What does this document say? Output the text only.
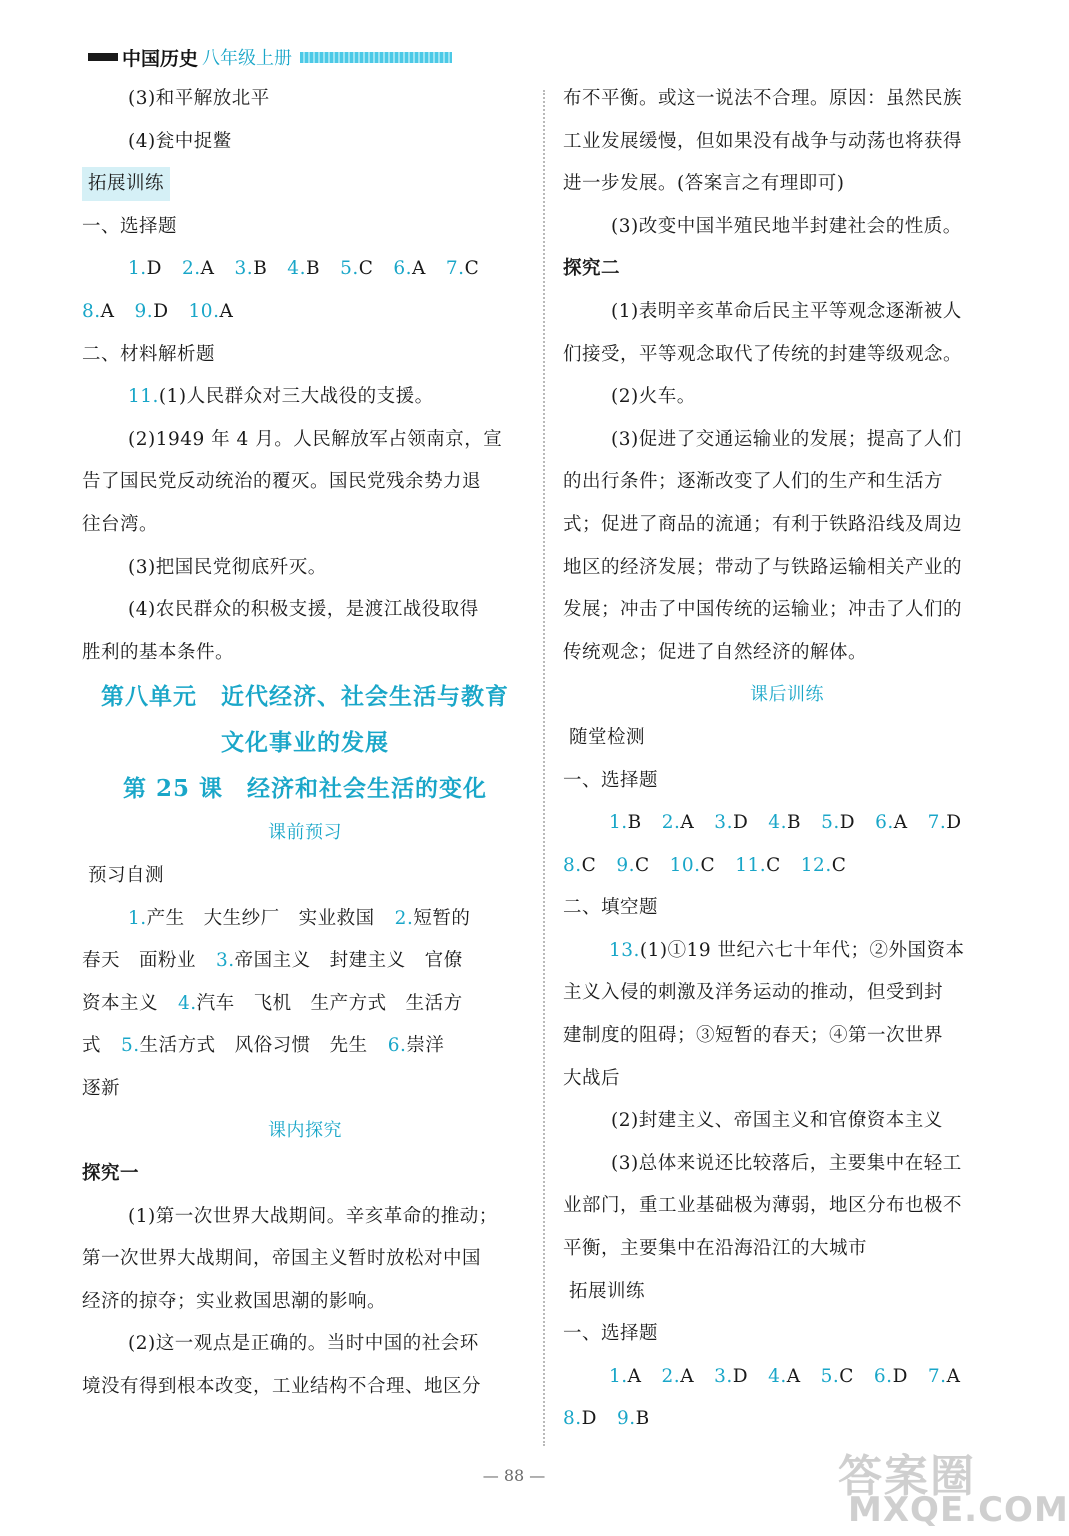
中国历史 八年级上册
(3)和平解放北平
(4)瓮中捉鳖
拓展训练
一、选择题
1.D 2.A 3.B 4.B 5.C 6.A 7.C
8.A 9.D 10.A
二、材料解析题
11.(1)人民群众对三大战役的支援。
(2)1949 年 4 月。人民解放军占领南京，宣
告了国民党反动统治的覆灭。国民党残余势力退
往台湾。
(3)把国民党彻底歼灭。
(4)农民群众的积极支援，是渡江战役取得
胜利的基本条件。
第八单元　近代经济、社会生活与教育
文化事业的发展
第 25 课　经济和社会生活的变化
课前预习
预习自测
1.产生　大生纱厂　实业救国 2.短暂的
春天　面粉业 3.帝国主义　封建主义　官僚
资本主义 4.汽车　飞机　生产方式　生活方
式 5.生活方式　风俗习惯　先生 6.崇洋
逐新
课内探究
探究一
(1)第一次世界大战期间。辛亥革命的推动；
第一次世界大战期间，帝国主义暂时放松对中国
经济的掠夺；实业救国思潮的影响。
(2)这一观点是正确的。当时中国的社会环
境没有得到根本改变，工业结构不合理、地区分
布不平衡。或这一说法不合理。原因：虽然民族
工业发展缓慢，但如果没有战争与动荡也将获得
进一步发展。(答案言之有理即可)
(3)改变中国半殖民地半封建社会的性质。
探究二
(1)表明辛亥革命后民主平等观念逐渐被人
们接受，平等观念取代了传统的封建等级观念。
(2)火车。
(3)促进了交通运输业的发展；提高了人们
的出行条件；逐渐改变了人们的生产和生活方
式；促进了商品的流通；有利于铁路沿线及周边
地区的经济发展；带动了与铁路运输相关产业的
发展；冲击了中国传统的运输业；冲击了人们的
传统观念；促进了自然经济的解体。
课后训练
随堂检测
一、选择题
1.B 2.A 3.D 4.B 5.D 6.A 7.D
8.C 9.C 10.C 11.C 12.C
二、填空题
13.(1)①19 世纪六七十年代；②外国资本
主义入侵的刺激及洋务运动的推动，但受到封
建制度的阻碍；③短暂的春天；④第一次世界
大战后
(2)封建主义、帝国主义和官僚资本主义
(3)总体来说还比较落后，主要集中在轻工
业部门，重工业基础极为薄弱，地区分布也极不
平衡，主要集中在沿海沿江的大城市
拓展训练
一、选择题
1.A 2.A 3.D 4.A 5.C 6.D 7.A
8.D 9.B
— 88 —	答案圈
MXQE.COM
